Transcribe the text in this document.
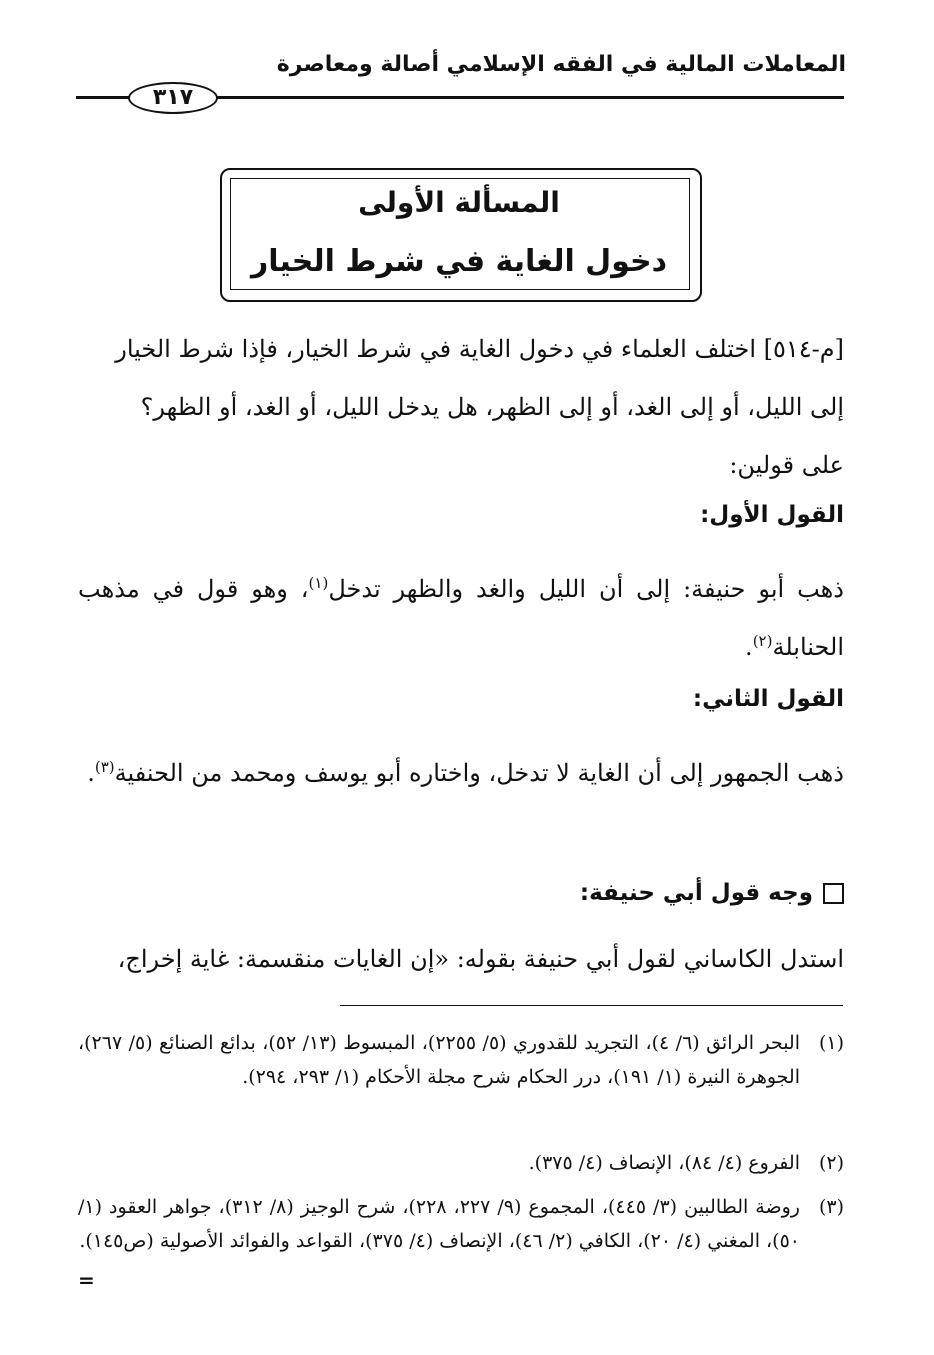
المعاملات المالية في الفقه الإسلامي أصالة ومعاصرة
٣١٧
المسألة الأولى
دخول الغاية في شرط الخيار
[م-٥١٤] اختلف العلماء في دخول الغاية في شرط الخيار، فإذا شرط الخيار
إلى الليل، أو إلى الغد، أو إلى الظهر، هل يدخل الليل، أو الغد، أو الظهر؟
على قولين:
القول الأول:
ذهب أبو حنيفة: إلى أن الليل والغد والظهر تدخل$^{(١)}$، وهو قول في مذهب الحنابلة$^{(٢)}$.
القول الثاني:
ذهب الجمهور إلى أن الغاية لا تدخل، واختاره أبو يوسف ومحمد من الحنفية$^{(٣)}$.
وجه قول أبي حنيفة:
استدل الكاساني لقول أبي حنيفة بقوله: «إن الغايات منقسمة: غاية إخراج،
(١)
البحر الرائق (٦/ ٤)، التجريد للقدوري (٥/ ٢٢٥٥)، المبسوط (١٣/ ٥٢)، بدائع الصنائع (٥/ ٢٦٧)، الجوهرة النيرة (١/ ١٩١)، درر الحكام شرح مجلة الأحكام (١/ ٢٩٣، ٢٩٤).
(٢)
الفروع (٤/ ٨٤)، الإنصاف (٤/ ٣٧٥).
(٣)
روضة الطالبين (٣/ ٤٤٥)، المجموع (٩/ ٢٢٧، ٢٢٨)، شرح الوجيز (٨/ ٣١٢)، جواهر العقود (١/ ٥٠)، المغني (٤/ ٢٠)، الكافي (٢/ ٤٦)، الإنصاف (٤/ ٣٧٥)، القواعد والفوائد الأصولية (ص١٤٥).
=
